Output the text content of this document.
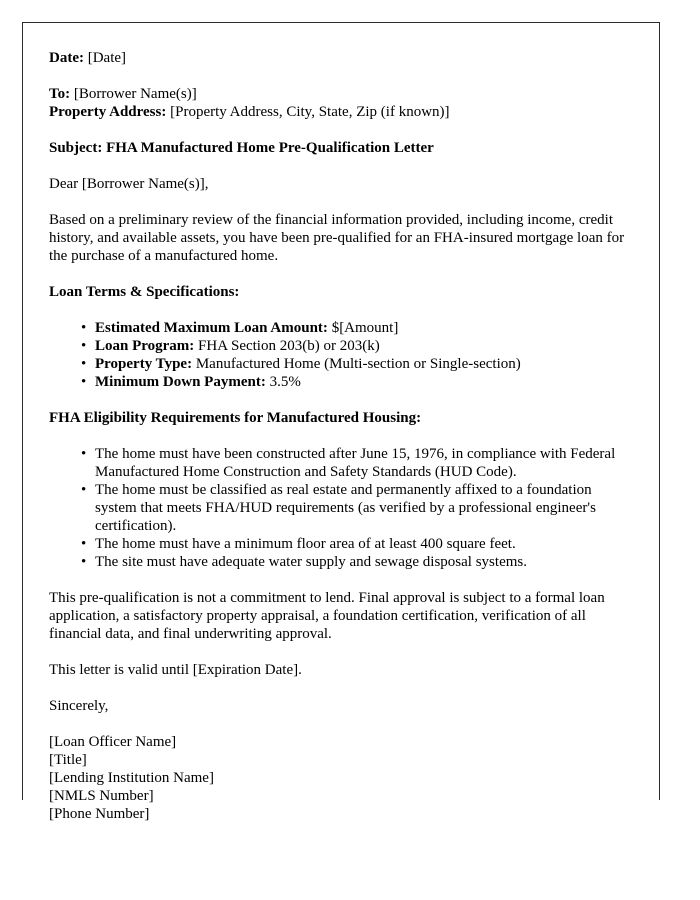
Date: [Date]
To: [Borrower Name(s)]
Property Address: [Property Address, City, State, Zip (if known)]
Subject: FHA Manufactured Home Pre-Qualification Letter
Dear [Borrower Name(s)],

Based on a preliminary review of the financial information provided, including income, credit history, and available assets, you have been pre-qualified for an FHA-insured mortgage loan for the purchase of a manufactured home.

Loan Terms & Specifications:
• Estimated Maximum Loan Amount: $[Amount]
• Loan Program: FHA Section 203(b) or 203(k)
• Property Type: Manufactured Home (Multi-section or Single-section)
• Minimum Down Payment: 3.5%
FHA Eligibility Requirements for Manufactured Housing:
• The home must have been constructed after June 15, 1976, in compliance with Federal Manufactured Home Construction and Safety Standards (HUD Code).
• The home must be classified as real estate and permanently affixed to a foundation system that meets FHA/HUD requirements (as verified by a professional engineer's certification).
• The home must have a minimum floor area of at least 400 square feet.
• The site must have adequate water supply and sewage disposal systems.

This pre-qualification is not a commitment to lend. Final approval is subject to a formal loan application, a satisfactory property appraisal, a foundation certification, verification of all financial data, and final underwriting approval.

This letter is valid until [Expiration Date].
Sincerely,
[Loan Officer Name]
[Title]
[Lending Institution Name]
[NMLS Number]
[Phone Number]
